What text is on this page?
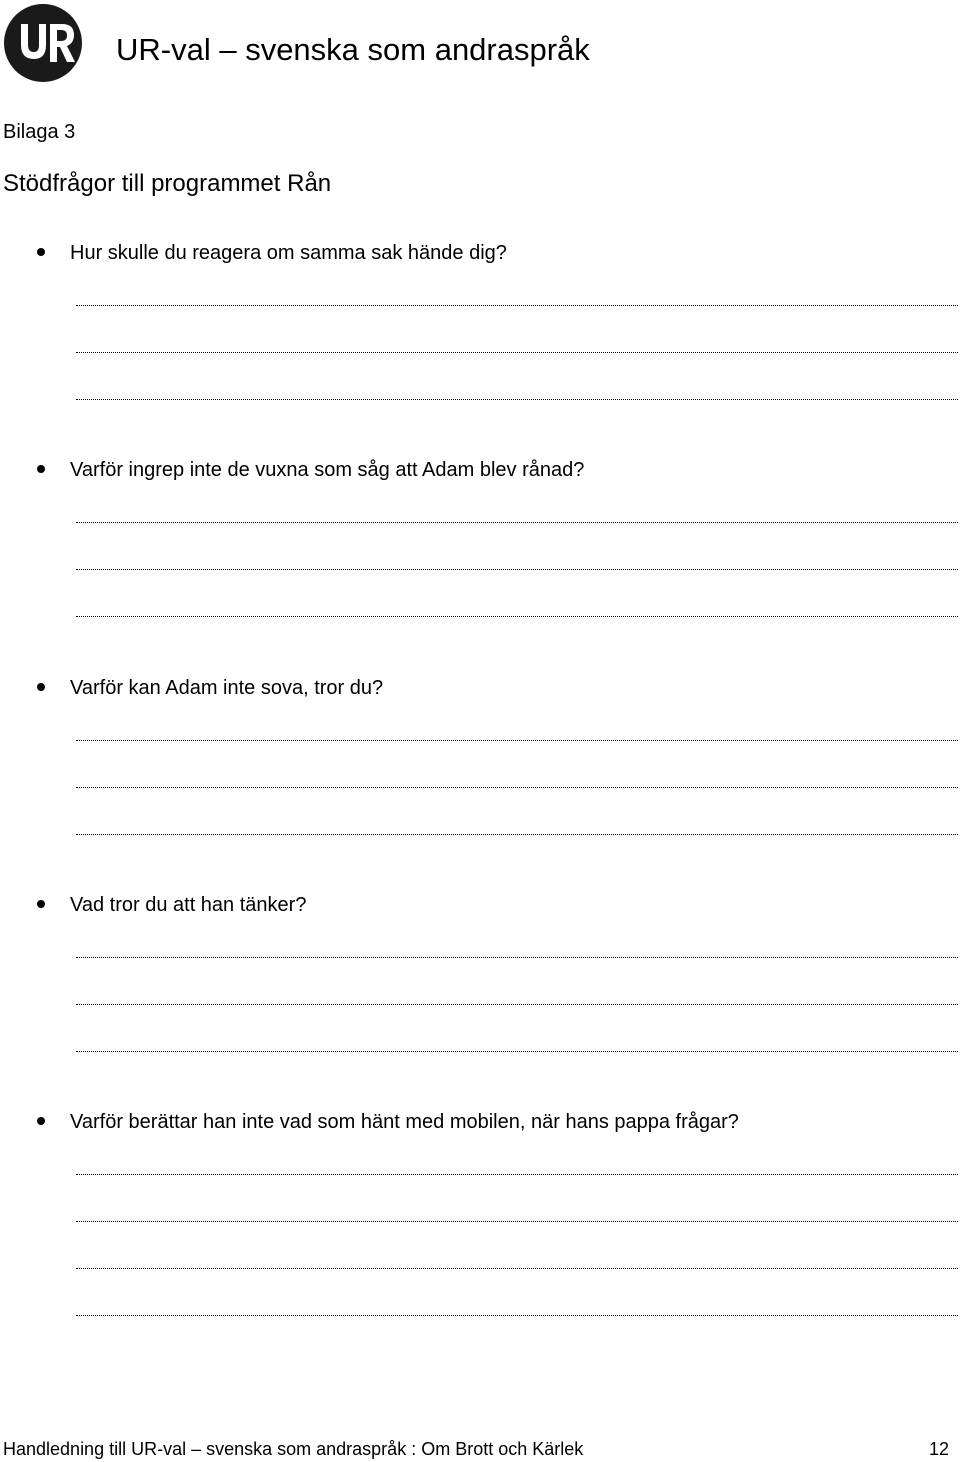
UR-val – svenska som andraspråk
Bilaga 3
Stödfrågor till programmet Rån
Hur skulle du reagera om samma sak hände dig?
Varför ingrep inte de vuxna som såg att Adam blev rånad?
Varför kan Adam inte sova, tror du?
Vad tror du att han tänker?
Varför berättar han inte vad som hänt med mobilen, när hans pappa frågar?
Handledning till UR-val – svenska som andraspråk : Om Brott och Kärlek	12
